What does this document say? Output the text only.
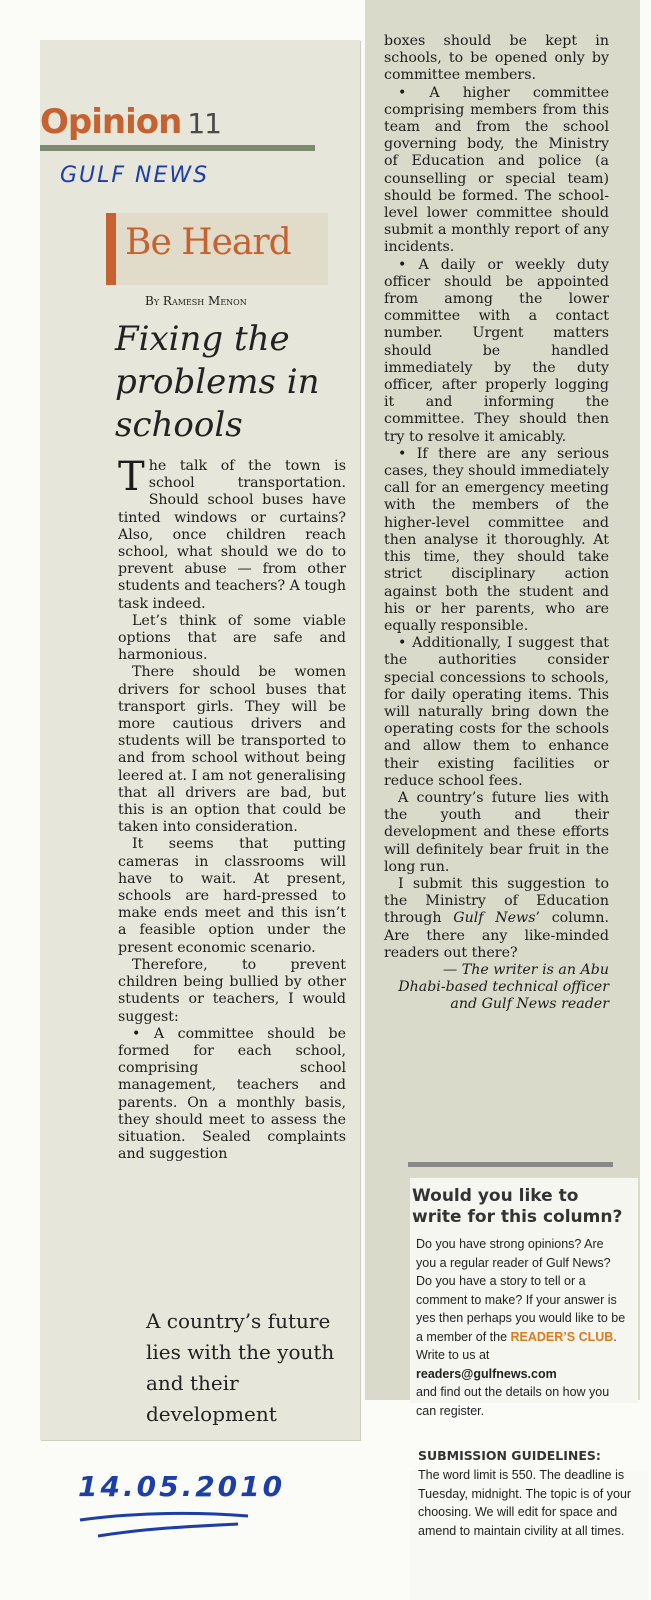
Opinion 11
GULF NEWS
Be Heard
By Ramesh Menon
Fixing the problems in schools

The talk of the town is school transportation. Should school buses have tinted windows or curtains? Also, once children reach school, what should we do to prevent abuse — from other students and teachers? A tough task indeed.

Let’s think of some viable options that are safe and harmonious.

There should be women drivers for school buses that transport girls. They will be more cautious drivers and students will be transported to and from school without being leered at. I am not generalising that all drivers are bad, but this is an option that could be taken into consideration.

It seems that putting cameras in classrooms will have to wait. At present, schools are hard-pressed to make ends meet and this isn’t a feasible option under the present economic scenario.

Therefore, to prevent children being bullied by other students or teachers, I would suggest:

• A committee should be formed for each school, comprising school management, teachers and parents. On a monthly basis, they should meet to assess the situation. Sealed complaints and suggestion

A country’s future lies with the youth and their development

boxes should be kept in schools, to be opened only by committee members.

• A higher committee comprising members from this team and from the school governing body, the Ministry of Education and police (a counselling or special team) should be formed. The school-level lower committee should submit a monthly report of any incidents.

• A daily or weekly duty officer should be appointed from among the lower committee with a contact number. Urgent matters should be handled immediately by the duty officer, after properly logging it and informing the committee. They should then try to resolve it amicably.

• If there are any serious cases, they should immediately call for an emergency meeting with the members of the higher-level committee and then analyse it thoroughly. At this time, they should take strict disciplinary action against both the student and his or her parents, who are equally responsible.

• Additionally, I suggest that the authorities consider special concessions to schools, for daily operating items. This will naturally bring down the operating costs for the schools and allow them to enhance their existing facilities or reduce school fees.

A country’s future lies with the youth and their development and these efforts will definitely bear fruit in the long run.

I submit this suggestion to the Ministry of Education through Gulf News’ column. Are there any like-minded readers out there?

— The writer is an Abu Dhabi-based technical officer and Gulf News reader

Would you like to write for this column?
Do you have strong opinions? Are you a regular reader of Gulf News? Do you have a story to tell or a comment to make? If your answer is yes then perhaps you would like to be a member of the READER’S CLUB. Write to us at
readers@gulfnews.com
and find out the details on how you can register.
SUBMISSION GUIDELINES:
The word limit is 550. The deadline is Tuesday, midnight. The topic is of your choosing. We will edit for space and amend to maintain civility at all times.
14.05.2010
